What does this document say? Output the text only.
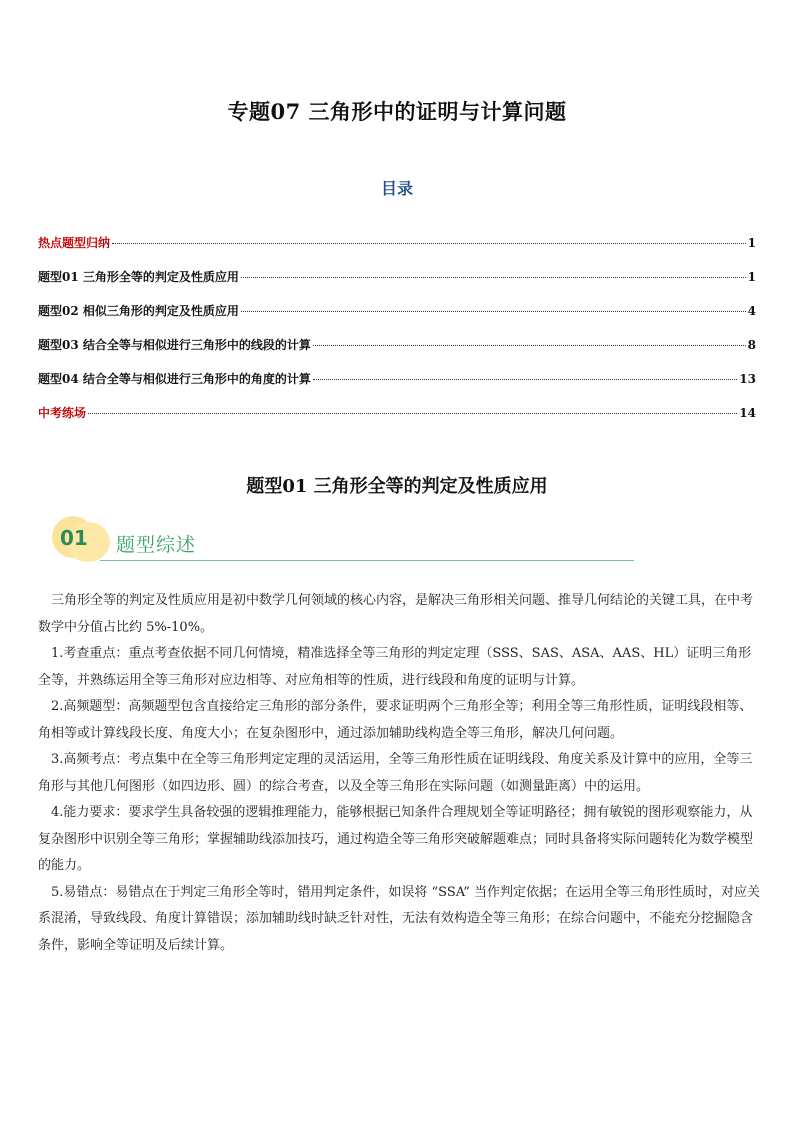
专题07 三角形中的证明与计算问题
目录
热点题型归纳	1
题型01 三角形全等的判定及性质应用	1
题型02 相似三角形的判定及性质应用	4
题型03 结合全等与相似进行三角形中的线段的计算	8
题型04 结合全等与相似进行三角形中的角度的计算	13
中考练场	14
题型01 三角形全等的判定及性质应用
01 题型综述

三角形全等的判定及性质应用是初中数学几何领域的核心内容，是解决三角形相关问题、推导几何结论的关键工具，在中考数学中分值占比约 5%-10%。

1.考查重点：重点考查依据不同几何情境，精准选择全等三角形的判定定理（SSS、SAS、ASA、AAS、HL）证明三角形全等，并熟练运用全等三角形对应边相等、对应角相等的性质，进行线段和角度的证明与计算。

2.高频题型：高频题型包含直接给定三角形的部分条件，要求证明两个三角形全等；利用全等三角形性质，证明线段相等、角相等或计算线段长度、角度大小；在复杂图形中，通过添加辅助线构造全等三角形，解决几何问题。

3.高频考点：考点集中在全等三角形判定定理的灵活运用，全等三角形性质在证明线段、角度关系及计算中的应用，全等三角形与其他几何图形（如四边形、圆）的综合考查，以及全等三角形在实际问题（如测量距离）中的运用。

4.能力要求：要求学生具备较强的逻辑推理能力，能够根据已知条件合理规划全等证明路径；拥有敏锐的图形观察能力，从复杂图形中识别全等三角形；掌握辅助线添加技巧，通过构造全等三角形突破解题难点；同时具备将实际问题转化为数学模型的能力。

5.易错点：易错点在于判定三角形全等时，错用判定条件，如误将 “SSA” 当作判定依据；在运用全等三角形性质时，对应关系混淆，导致线段、角度计算错误；添加辅助线时缺乏针对性，无法有效构造全等三角形；在综合问题中，不能充分挖掘隐含条件，影响全等证明及后续计算。
